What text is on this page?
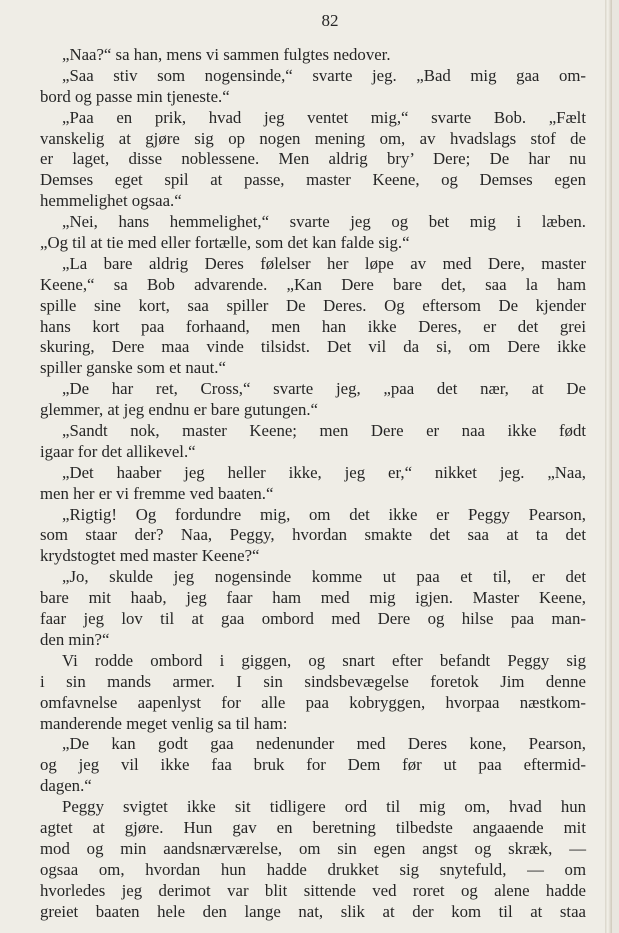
82
„Naa?“ sa han, mens vi sammen fulgtes nedover.
„Saa stiv som nogensinde,“ svarte jeg. „Bad mig gaa om-
bord og passe min tjeneste.“
„Paa en prik, hvad jeg ventet mig,“ svarte Bob. „Fælt
vanskelig at gjøre sig op nogen mening om, av hvadslags stof de
er laget, disse noblessene. Men aldrig bry’ Dere; De har nu
Demses eget spil at passe, master Keene, og Demses egen
hemmelighet ogsaa.“
„Nei, hans hemmelighet,“ svarte jeg og bet mig i læben.
„Og til at tie med eller fortælle, som det kan falde sig.“
„La bare aldrig Deres følelser her løpe av med Dere, master
Keene,“ sa Bob advarende. „Kan Dere bare det, saa la ham
spille sine kort, saa spiller De Deres. Og eftersom De kjender
hans kort paa forhaand, men han ikke Deres, er det grei
skuring, Dere maa vinde tilsidst. Det vil da si, om Dere ikke
spiller ganske som et naut.“
„De har ret, Cross,“ svarte jeg, „paa det nær, at De
glemmer, at jeg endnu er bare gutungen.“
„Sandt nok, master Keene; men Dere er naa ikke født
igaar for det allikevel.“
„Det haaber jeg heller ikke, jeg er,“ nikket jeg. „Naa,
men her er vi fremme ved baaten.“
„Rigtig! Og fordundre mig, om det ikke er Peggy Pearson,
som staar der? Naa, Peggy, hvordan smakte det saa at ta det
krydstogtet med master Keene?“
„Jo, skulde jeg nogensinde komme ut paa et til, er det
bare mit haab, jeg faar ham med mig igjen. Master Keene,
faar jeg lov til at gaa ombord med Dere og hilse paa man-
den min?“
Vi rodde ombord i giggen, og snart efter befandt Peggy sig
i sin mands armer. I sin sindsbevægelse foretok Jim denne
omfavnelse aapenlyst for alle paa kobryggen, hvorpaa næstkom-
manderende meget venlig sa til ham:
„De kan godt gaa nedenunder med Deres kone, Pearson,
og jeg vil ikke faa bruk for Dem før ut paa eftermid-
dagen.“
Peggy svigtet ikke sit tidligere ord til mig om, hvad hun
agtet at gjøre. Hun gav en beretning tilbedste angaaende mit
mod og min aandsnærværelse, om sin egen angst og skræk, —
ogsaa om, hvordan hun hadde drukket sig snytefuld, — om
hvorledes jeg derimot var blit sittende ved roret og alene hadde
greiet baaten hele den lange nat, slik at der kom til at staa
